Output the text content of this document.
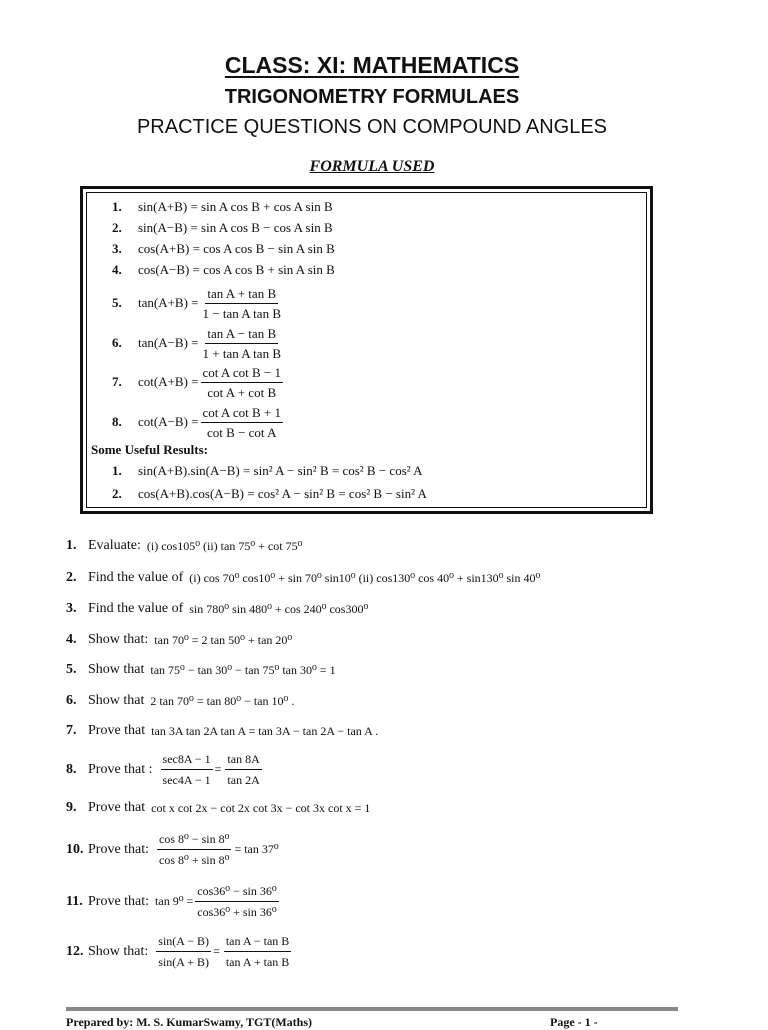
CLASS: XI: MATHEMATICS
TRIGONOMETRY FORMULAES
PRACTICE QUESTIONS ON COMPOUND ANGLES
FORMULA USED
1.	sin(A+B) = sin A cos B + cos A sin B
2.	sin(A−B) = sin A cos B − cos A sin B
3.	cos(A+B) = cos A cos B − sin A sin B
4.	cos(A−B) = cos A cos B + sin A sin B
5.	$\tan(A+B) = \frac{\text{tan A + tan B}}{\text{1 − tan A tan B}}$
6.	$\tan(A-B) = \frac{\text{tan A − tan B}}{\text{1 + tan A tan B}}$
7.	$\cot(A+B) = \frac{\text{cot A cot B − 1}}{\text{cot A + cot B}}$
8.	$\cot(A-B) = \frac{\text{cot A cot B + 1}}{\text{cot B − cot A}}$
Some Useful Results:
1.	sin(A+B).sin(A−B) = sin² A − sin² B = cos² B − cos² A
2.	cos(A+B).cos(A−B) = cos² A − sin² B = cos² B − sin² A
1. Evaluate: (i) cos105⁰ (ii) tan 75⁰ + cot 75⁰
2. Find the value of (i) cos 70⁰ cos10⁰ + sin 70⁰ sin10⁰ (ii) cos130⁰ cos 40⁰ + sin130⁰ sin 40⁰
3. Find the value of sin 780⁰ sin 480⁰ + cos 240⁰ cos300⁰
4. Show that: tan 70⁰ = 2 tan 50⁰ + tan 20⁰
5. Show that tan 75⁰ − tan 30⁰ − tan 75⁰ tan 30⁰ = 1
6. Show that 2 tan 70⁰ = tan 80⁰ − tan 10⁰ .
7. Prove that tan 3A tan 2A tan A = tan 3A − tan 2A − tan A .
8. Prove that : $\frac{\sec 8A - 1}{\sec 4A - 1} = \frac{\tan 8A}{\tan 2A}$
9. Prove that cot x cot 2x − cot 2x cot 3x − cot 3x cot x = 1
10. Prove that: $\frac{\text{cos 8⁰ − sin 8⁰}}{\text{cos 8⁰ + sin 8⁰}} = \tan 37^0$
11. Prove that: $\tan 9^0 = \frac{\text{cos36⁰ − sin 36⁰}}{\text{cos36⁰ + sin 36⁰}}$
12. Show that: $\frac{\sin(A - B)}{\sin(A + B)} = \frac{\text{tan A − tan B}}{\text{tan A + tan B}}$
Prepared by: M. S. KumarSwamy, TGT(Maths)	Page - 1 -
